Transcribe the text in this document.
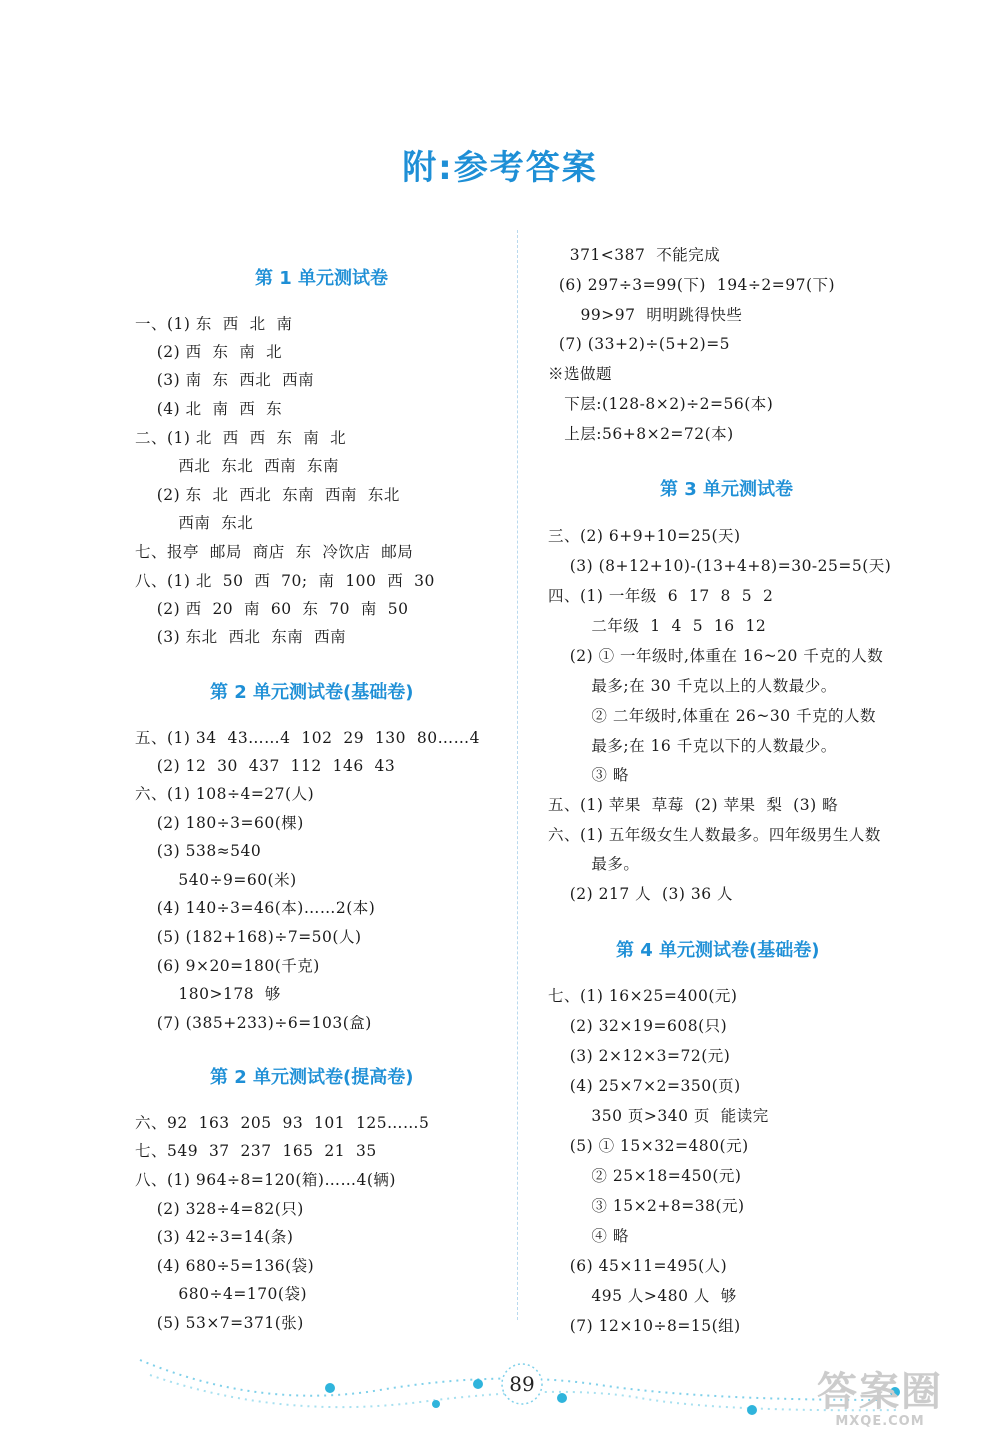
附:参考答案
第 1 单元测试卷
一、(1) 东  西  北  南
(2) 西  东  南  北
(3) 南  东  西北  西南
(4) 北  南  西  东
二、(1) 北  西  西  东  南  北
西北  东北  西南  东南
(2) 东  北  西北  东南  西南  东北
西南  东北
七、报亭  邮局  商店  东  冷饮店  邮局
八、(1) 北  50  西  70;  南  100  西  30
(2) 西  20  南  60  东  70  南  50
(3) 东北  西北  东南  西南
第 2 单元测试卷(基础卷)
五、(1) 34  43……4  102  29  130  80……4
(2) 12  30  437  112  146  43
六、(1) 108÷4=27(人)
(2) 180÷3=60(棵)
(3) 538≈540
540÷9=60(米)
(4) 140÷3=46(本)……2(本)
(5) (182+168)÷7=50(人)
(6) 9×20=180(千克)
180>178  够
(7) (385+233)÷6=103(盒)
第 2 单元测试卷(提高卷)
六、92  163  205  93  101  125……5
七、549  37  237  165  21  35
八、(1) 964÷8=120(箱)……4(辆)
(2) 328÷4=82(只)
(3) 42÷3=14(条)
(4) 680÷5=136(袋)
680÷4=170(袋)
(5) 53×7=371(张)
371<387  不能完成
(6) 297÷3=99(下)  194÷2=97(下)
99>97  明明跳得快些
(7) (33+2)÷(5+2)=5
※选做题
下层:(128-8×2)÷2=56(本)
上层:56+8×2=72(本)
第 3 单元测试卷
三、(2) 6+9+10=25(天)
(3) (8+12+10)-(13+4+8)=30-25=5(天)
四、(1) 一年级  6  17  8  5  2
二年级  1  4  5  16  12
(2) ① 一年级时,体重在 16~20 千克的人数
最多;在 30 千克以上的人数最少。
② 二年级时,体重在 26~30 千克的人数
最多;在 16 千克以下的人数最少。
③ 略
五、(1) 苹果  草莓  (2) 苹果  梨  (3) 略
六、(1) 五年级女生人数最多。四年级男生人数
最多。
(2) 217 人  (3) 36 人
第 4 单元测试卷(基础卷)
七、(1) 16×25=400(元)
(2) 32×19=608(只)
(3) 2×12×3=72(元)
(4) 25×7×2=350(页)
350 页>340 页  能读完
(5) ① 15×32=480(元)
② 25×18=450(元)
③ 15×2+8=38(元)
④ 略
(6) 45×11=495(人)
495 人>480 人  够
(7) 12×10÷8=15(组)
89	答案圈
MXQE.COM
